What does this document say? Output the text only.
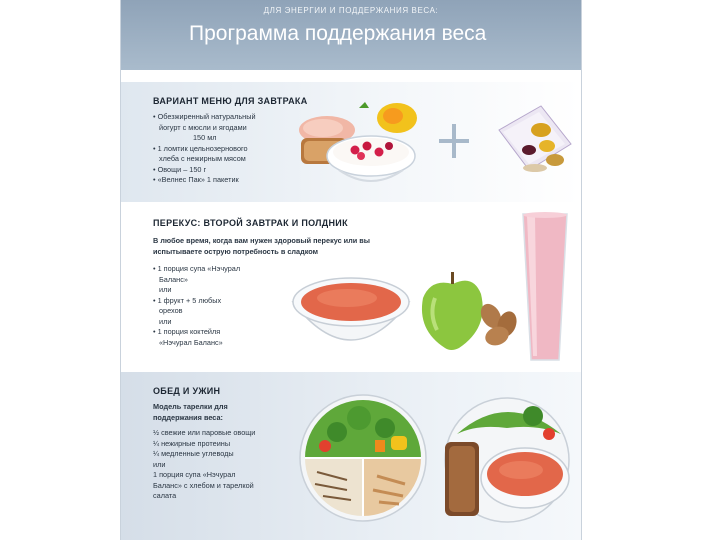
ДЛЯ ЭНЕРГИИ И ПОДДЕРЖАНИЯ ВЕСА:
Программа поддержания веса
ВАРИАНТ МЕНЮ ДЛЯ ЗАВТРАКА
• Обезжиренный натуральный
йогурт с мюсли и ягодами
150 мл
• 1 ломтик цельнозернового
хлеба с нежирным мясом
• Овощи – 150 г
• «Велнес Пак» 1 пакетик
ПЕРЕКУС: ВТОРОЙ ЗАВТРАК И ПОЛДНИК
В любое время, когда вам нужен здоровый перекус или вы
испытываете острую потребность в сладком
• 1 порция супа «Нэчурал
Баланс»
или
• 1 фрукт + 5 любых
орехов
или
• 1 порция коктейля
«Нэчурал Баланс»
ОБЕД И УЖИН
Модель тарелки для
поддержания веса:
½ свежие или паровые овощи
¼ нежирные протеины
¼ медленные углеводы
или
1 порция супа «Нэчурал
Баланс» с хлебом и тарелкой
салата
